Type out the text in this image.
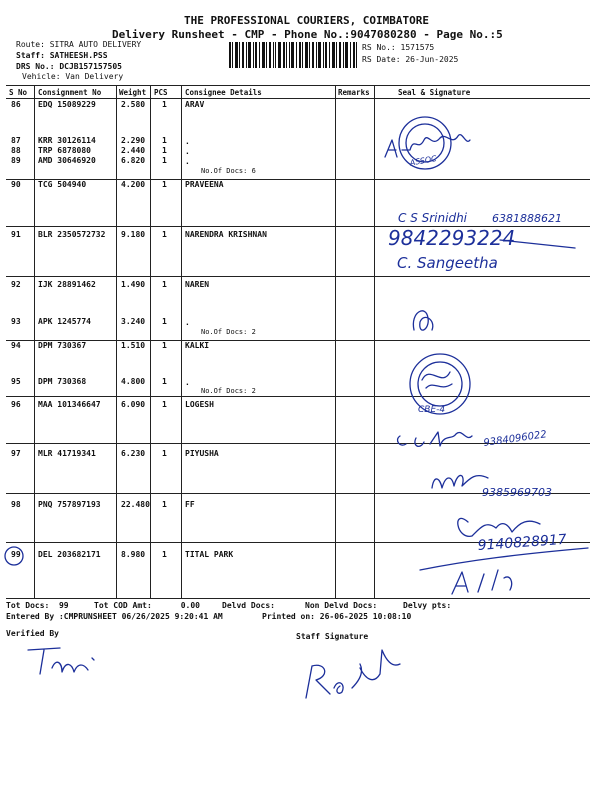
THE PROFESSIONAL COURIERS, COIMBATORE
Delivery Runsheet - CMP - Phone No.:9047080280 - Page No.:5
Route: SITRA AUTO DELIVERY
Staff: SATHEESH.PSS
DRS No.: DCJB157157505
Vehicle: Van Delivery
RS No.: 1571575
RS Date: 26-Jun-2025
S No Consignment No Weight PCS Consignee Details	Remarks	Seal & Signature
86 EDQ 15089229	2.580 1 ARAV
87 KRR 30126114	2.290 1 .
88 TRP 6878080	2.440 1 .
89 AMD 30646920	6.820 1 .
No.Of Docs: 6
90 TCG 504940	4.200 1 PRAVEENA
91 BLR 2350572732 9.180 1 NARENDRA KRISHNAN
92 IJK 28891462	1.490 1 NAREN
93 APK 1245774	3.240 1 .
No.Of Docs: 2
94 DPM 730367	1.510 1 KALKI
95 DPM 730368	4.800 1 .
No.Of Docs: 2
96 MAA 101346647	6.090 1 LOGESH
97 MLR 41719341	6.230 1 PIYUSHA
98 PNQ 757897193	22.480 1 FF
99 DEL 203682171	8.980 1 TITAL PARK
Tot Docs:  99	Tot COD Amt:      0.00	Delvd Docs:	Non Delvd Docs:	Delvy pts:
Entered By :CMPRUNSHEET 06/26/2025 9:20:41 AM	Printed on: 26-06-2025 10:08:10
Verified By	Staff Signature
ASSOC
C S Srinidhi 6381888621
9842293224
C. Sangeetha
CBE-4
9384096022
9385969703
9140828917
